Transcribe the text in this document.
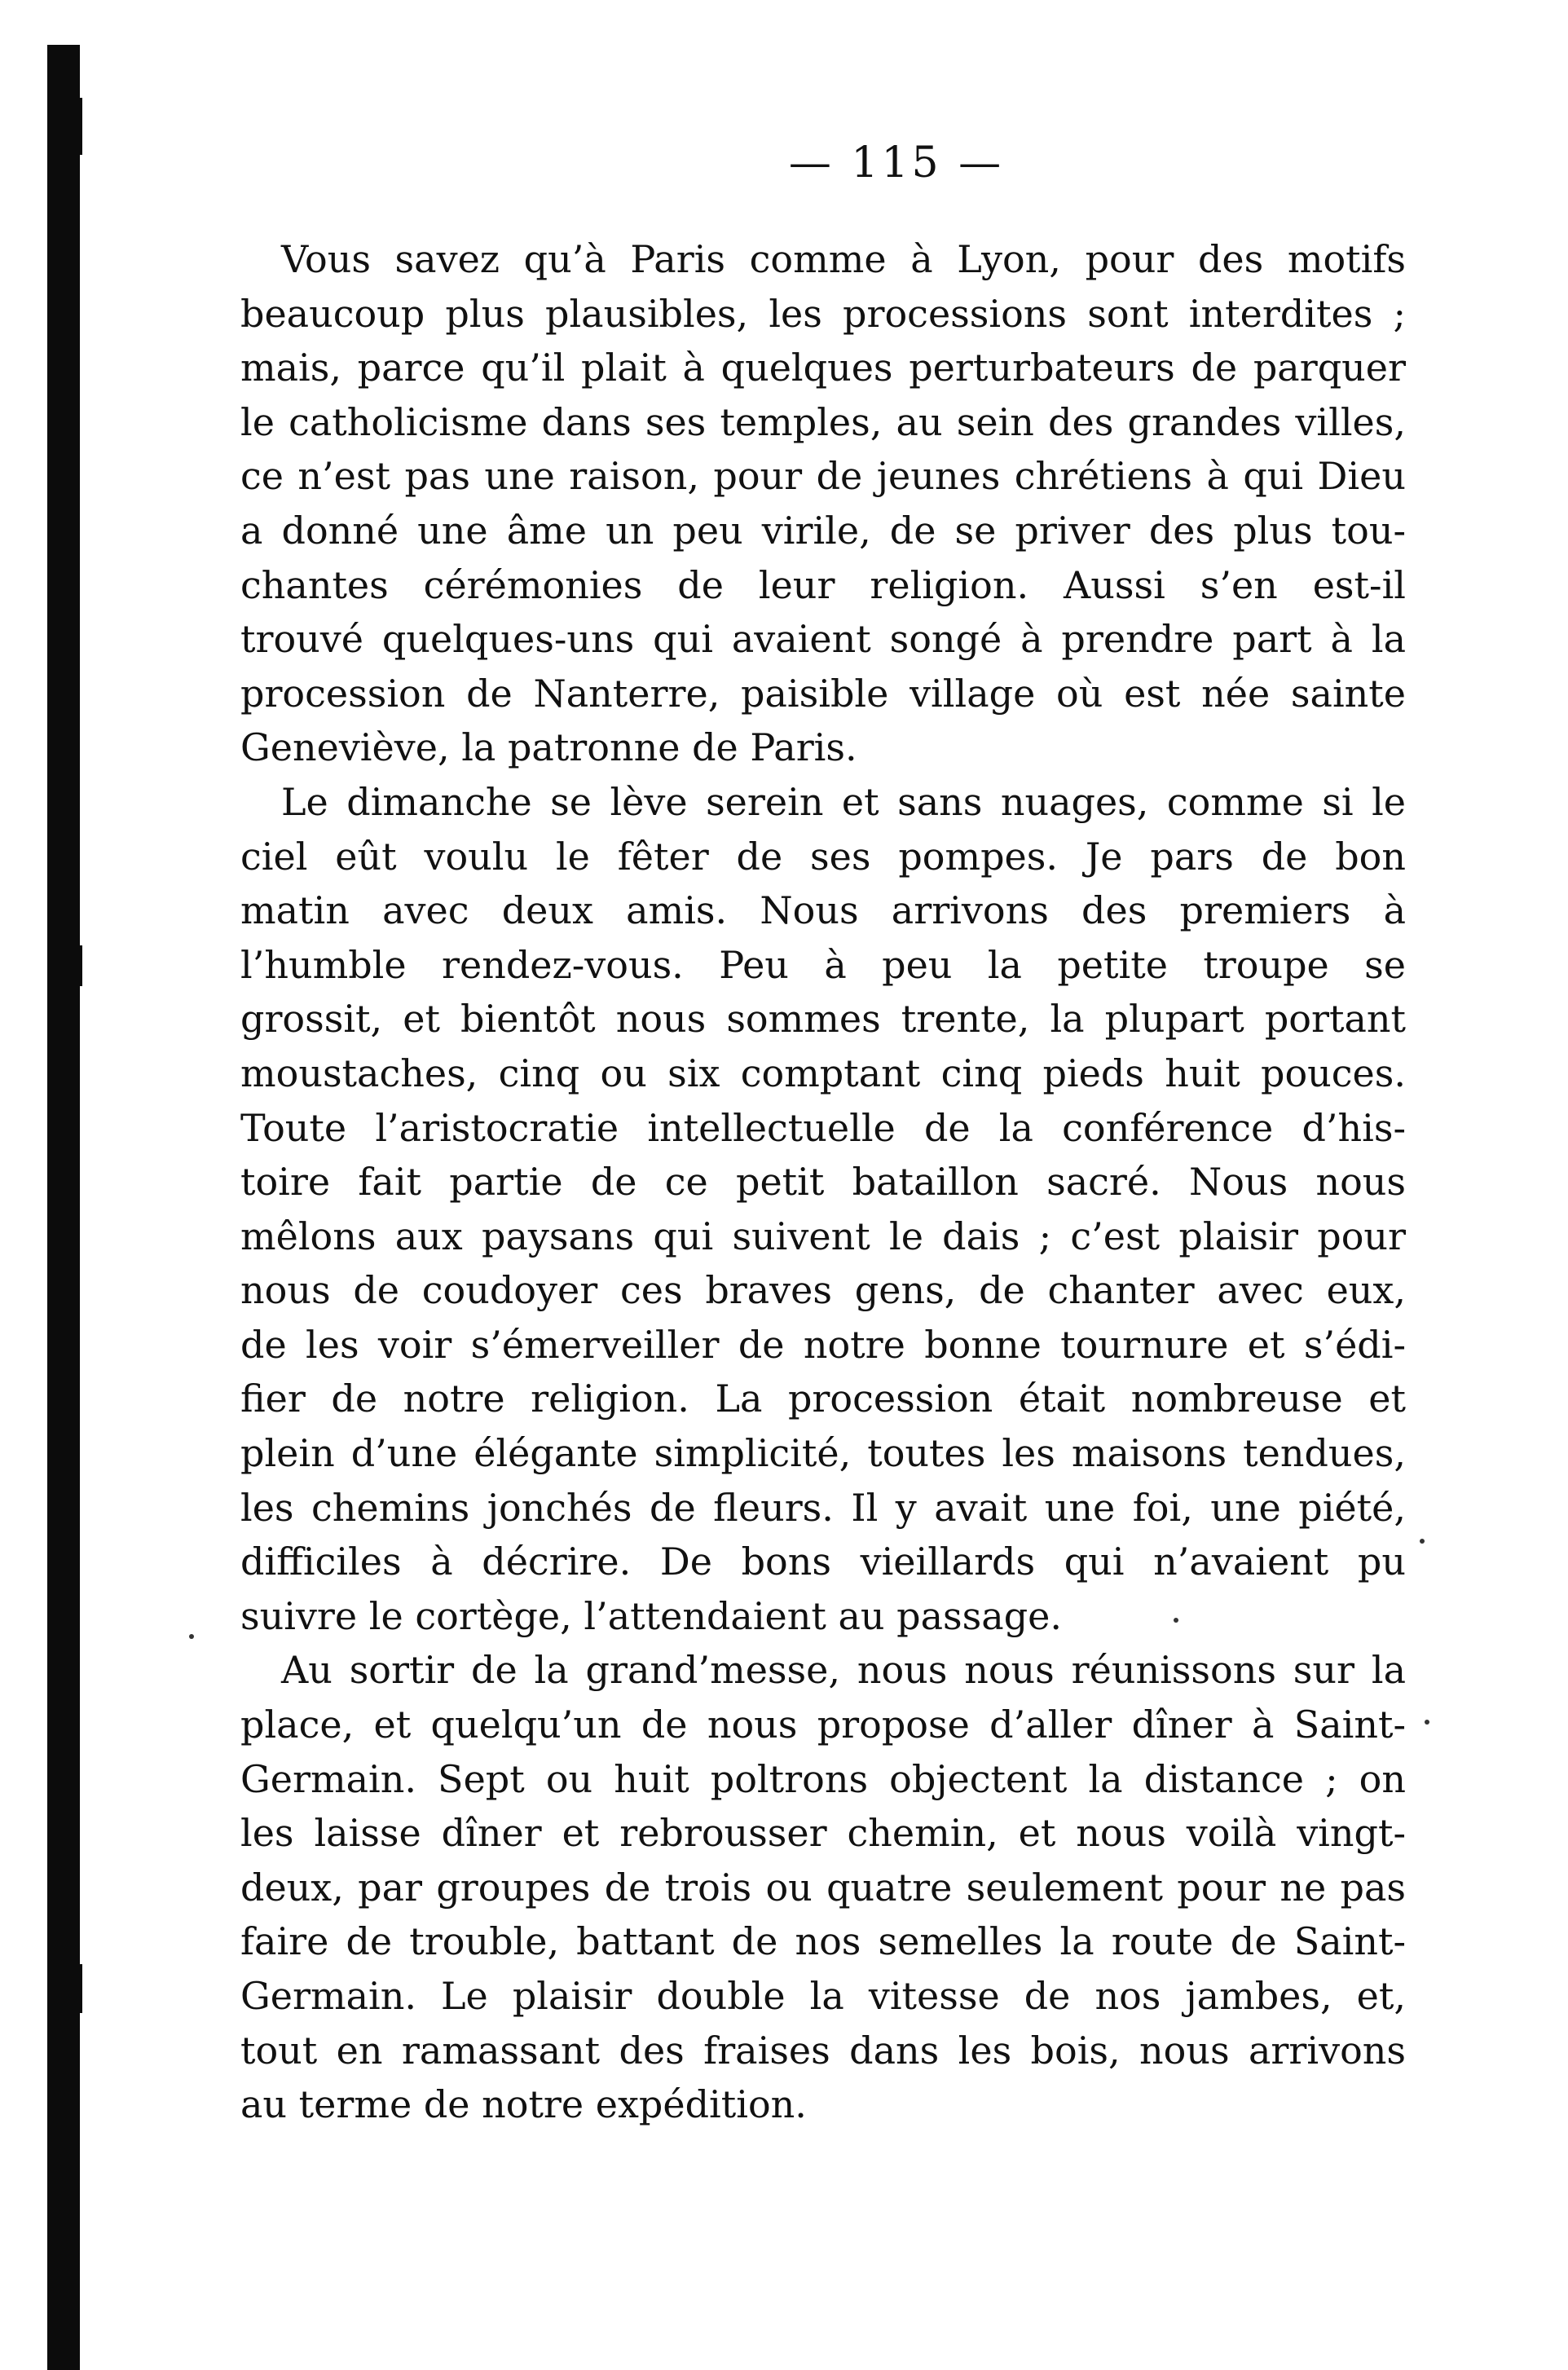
— 115 —
Vous savez qu’à Paris comme à Lyon, pour des motifs
beaucoup plus plausibles, les processions sont interdites ;
mais, parce qu’il plait à quelques perturbateurs de parquer
le catholicisme dans ses temples, au sein des grandes villes,
ce n’est pas une raison, pour de jeunes chrétiens à qui Dieu
a donné une âme un peu virile, de se priver des plus tou-
chantes cérémonies de leur religion. Aussi s’en est-il
trouvé quelques-uns qui avaient songé à prendre part à la
procession de Nanterre, paisible village où est née sainte
Geneviève, la patronne de Paris.
Le dimanche se lève serein et sans nuages, comme si le
ciel eût voulu le fêter de ses pompes. Je pars de bon
matin avec deux amis. Nous arrivons des premiers à
l’humble rendez-vous. Peu à peu la petite troupe se
grossit, et bientôt nous sommes trente, la plupart portant
moustaches, cinq ou six comptant cinq pieds huit pouces.
Toute l’aristocratie intellectuelle de la conférence d’his-
toire fait partie de ce petit bataillon sacré. Nous nous
mêlons aux paysans qui suivent le dais ; c’est plaisir pour
nous de coudoyer ces braves gens, de chanter avec eux,
de les voir s’émerveiller de notre bonne tournure et s’édi-
fier de notre religion. La procession était nombreuse et
plein d’une élégante simplicité, toutes les maisons tendues,
les chemins jonchés de fleurs. Il y avait une foi, une piété,
difficiles à décrire. De bons vieillards qui n’avaient pu
suivre le cortège, l’attendaient au passage.
Au sortir de la grand’messe, nous nous réunissons sur la
place, et quelqu’un de nous propose d’aller dîner à Saint-
Germain. Sept ou huit poltrons objectent la distance ; on
les laisse dîner et rebrousser chemin, et nous voilà vingt-
deux, par groupes de trois ou quatre seulement pour ne pas
faire de trouble, battant de nos semelles la route de Saint-
Germain. Le plaisir double la vitesse de nos jambes, et,
tout en ramassant des fraises dans les bois, nous arrivons
au terme de notre expédition.
